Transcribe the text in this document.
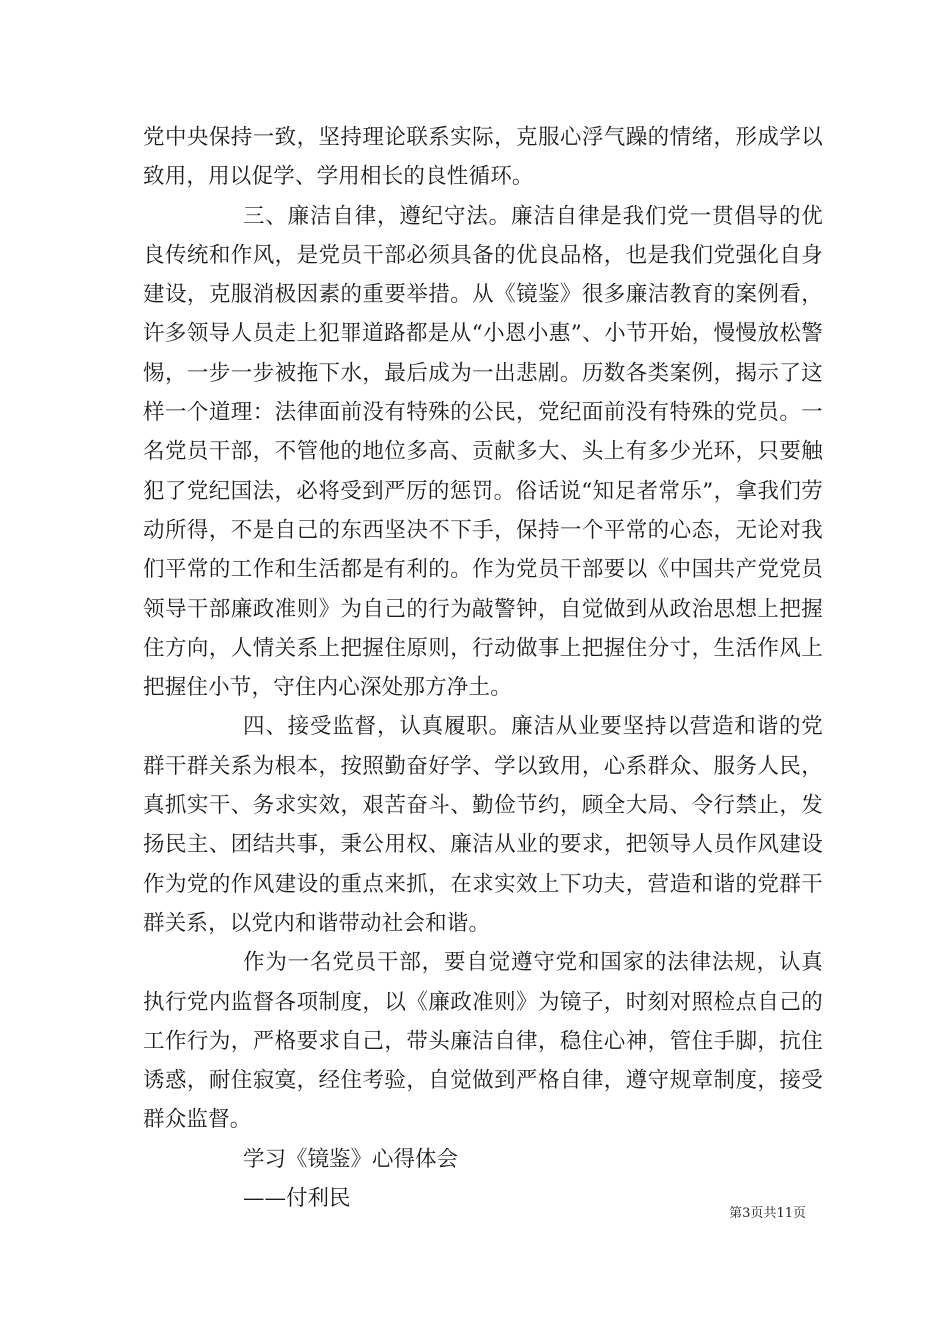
党中央保持一致，坚持理论联系实际，克服心浮气躁的情绪，形成学以致用，用以促学、学用相长的良性循环。

三、廉洁自律，遵纪守法。廉洁自律是我们党一贯倡导的优良传统和作风，是党员干部必须具备的优良品格，也是我们党强化自身建设，克服消极因素的重要举措。从《镜鉴》很多廉洁教育的案例看，许多领导人员走上犯罪道路都是从“小恩小惠”、小节开始，慢慢放松警惕，一步一步被拖下水，最后成为一出悲剧。历数各类案例，揭示了这样一个道理：法律面前没有特殊的公民，党纪面前没有特殊的党员。一名党员干部，不管他的地位多高、贡献多大、头上有多少光环，只要触犯了党纪国法，必将受到严厉的惩罚。俗话说“知足者常乐”，拿我们劳动所得，不是自己的东西坚决不下手，保持一个平常的心态，无论对我们平常的工作和生活都是有利的。作为党员干部要以《中国共产党党员领导干部廉政准则》为自己的行为敲警钟，自觉做到从政治思想上把握住方向，人情关系上把握住原则，行动做事上把握住分寸，生活作风上把握住小节，守住内心深处那方净土。

四、接受监督，认真履职。廉洁从业要坚持以营造和谐的党群干群关系为根本，按照勤奋好学、学以致用，心系群众、服务人民，真抓实干、务求实效，艰苦奋斗、勤俭节约，顾全大局、令行禁止，发扬民主、团结共事，秉公用权、廉洁从业的要求，把领导人员作风建设作为党的作风建设的重点来抓，在求实效上下功夫，营造和谐的党群干群关系，以党内和谐带动社会和谐。

作为一名党员干部，要自觉遵守党和国家的法律法规，认真执行党内监督各项制度，以《廉政准则》为镜子，时刻对照检点自己的工作行为，严格要求自己，带头廉洁自律，稳住心神，管住手脚，抗住诱惑，耐住寂寞，经住考验，自觉做到严格自律，遵守规章制度，接受群众监督。

学习《镜鉴》心得体会

——付利民

第3页共11页
